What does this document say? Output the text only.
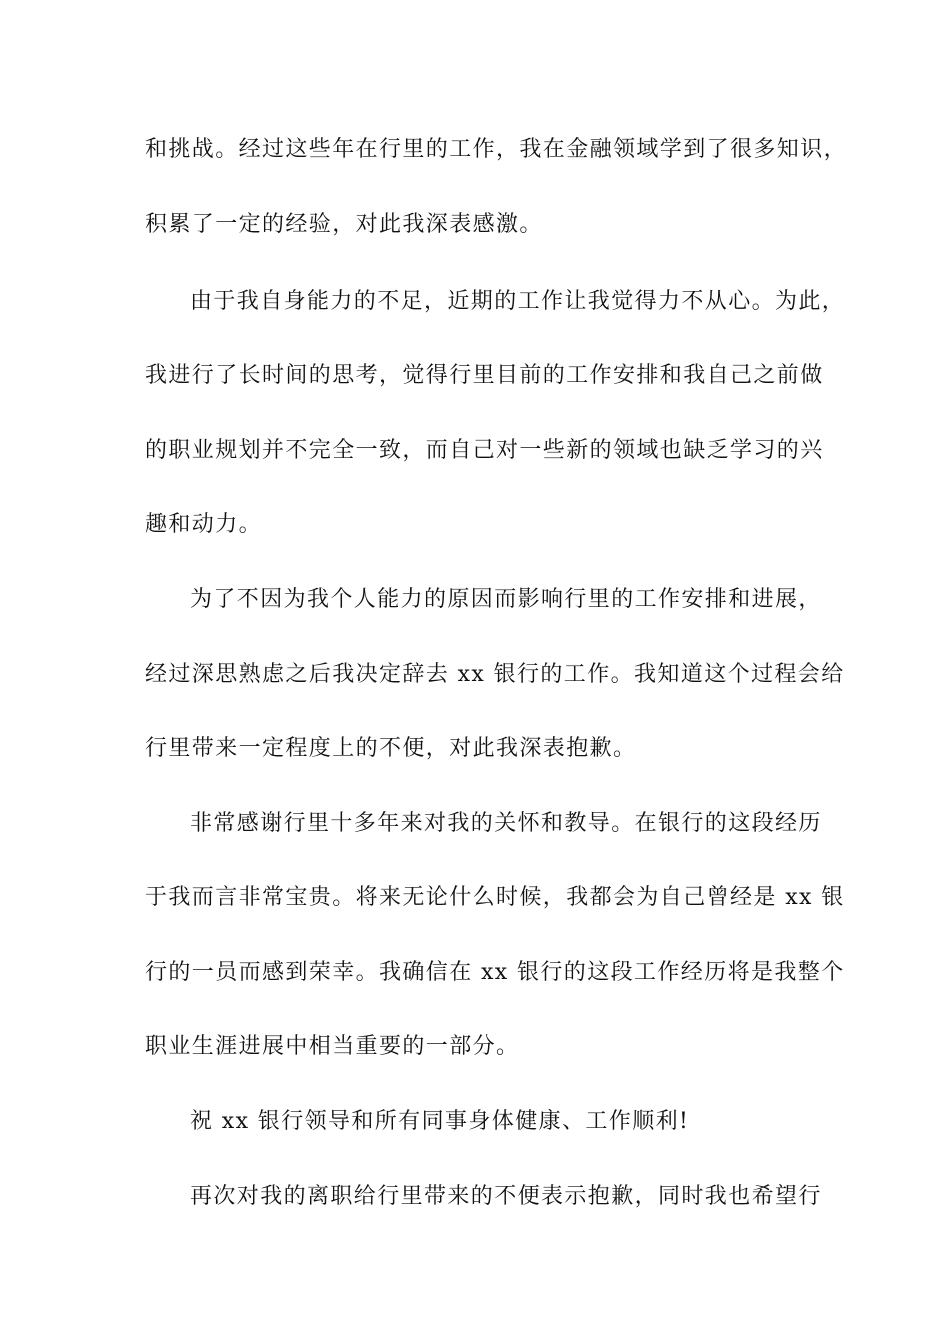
和挑战。经过这些年在行里的工作，我在金融领域学到了很多知识，
积累了一定的经验，对此我深表感激。
由于我自身能力的不足，近期的工作让我觉得力不从心。为此，
我进行了长时间的思考，觉得行里目前的工作安排和我自己之前做
的职业规划并不完全一致，而自己对一些新的领域也缺乏学习的兴
趣和动力。
为了不因为我个人能力的原因而影响行里的工作安排和进展，
经过深思熟虑之后我决定辞去 xx 银行的工作。我知道这个过程会给
行里带来一定程度上的不便，对此我深表抱歉。
非常感谢行里十多年来对我的关怀和教导。在银行的这段经历
于我而言非常宝贵。将来无论什么时候，我都会为自己曾经是 xx 银
行的一员而感到荣幸。我确信在 xx 银行的这段工作经历将是我整个
职业生涯进展中相当重要的一部分。
祝 xx 银行领导和所有同事身体健康、工作顺利!
再次对我的离职给行里带来的不便表示抱歉，同时我也希望行
